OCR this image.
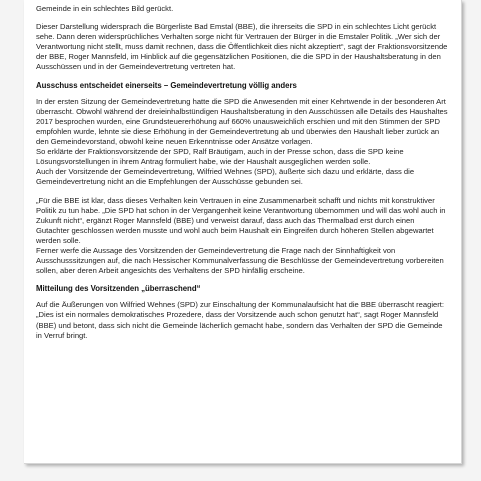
Gemeinde in ein schlechtes Bild gerückt.

Dieser Darstellung widersprach die Bürgerliste Bad Emstal (BBE), die ihrerseits die SPD in ein schlechtes Licht gerückt sehe. Dann deren widersprüchliches Verhalten sorge nicht für Vertrauen der Bürger in die Emstaler Politik. „Wer sich der Verantwortung nicht stellt, muss damit rechnen, dass die Öffentlichkeit dies nicht akzeptiert“, sagt der Fraktionsvorsitzende der BBE, Roger Mannsfeld, im Hinblick auf die gegensätzlichen Positionen, die die SPD in der Haushaltsberatung in den Ausschüssen und in der Gemeindevertretung vertreten hat.

Ausschuss entscheidet einerseits – Gemeindevertretung völlig anders

In der ersten Sitzung der Gemeindevertretung hatte die SPD die Anwesenden mit einer Kehrtwende in der besonderen Art überrascht. Obwohl während der dreieinhalbstündigen Haushaltsberatung in den Ausschüssen alle Details des Haushaltes 2017 besprochen wurden, eine Grundsteuererhöhung auf 660% unausweichlich erschien und mit den Stimmen der SPD empfohlen wurde, lehnte sie diese Erhöhung in der Gemeindevertretung ab und überwies den Haushalt lieber zurück an den Gemeindevorstand, obwohl keine neuen Erkenntnisse oder Ansätze vorlagen.

So erklärte der Fraktionsvorsitzende der SPD, Ralf Bräutigam, auch in der Presse schon, dass die SPD keine Lösungsvorstellungen in ihrem Antrag formuliert habe, wie der Haushalt ausgeglichen werden solle.

Auch der Vorsitzende der Gemeindevertretung, Wilfried Wehnes (SPD), äußerte sich dazu und erklärte, dass die Gemeindevertretung nicht an die Empfehlungen der Ausschüsse gebunden sei.

„Für die BBE ist klar, dass dieses Verhalten kein Vertrauen in eine Zusammenarbeit schafft und nichts mit konstruktiver Politik zu tun habe. „Die SPD hat schon in der Vergangenheit keine Verantwortung übernommen und will das wohl auch in Zukunft nicht“, ergänzt Roger Mannsfeld (BBE) und verweist darauf, dass auch das Thermalbad erst durch einen Gutachter geschlossen werden musste und wohl auch beim Haushalt ein Eingreifen durch höheren Stellen abgewartet werden solle.

Ferner werfe die Aussage des Vorsitzenden der Gemeindevertretung die Frage nach der Sinnhaftigkeit von Ausschusssitzungen auf, die nach Hessischer Kommunalverfassung die Beschlüsse der Gemeindevertretung vorbereiten sollen, aber deren Arbeit angesichts des Verhaltens der SPD hinfällig erscheine.

Mitteilung des Vorsitzenden „überraschend“

Auf die Äußerungen von Wilfried Wehnes (SPD) zur Einschaltung der Kommunalaufsicht hat die BBE überrascht reagiert: „Dies ist ein normales demokratisches Prozedere, dass der Vorsitzende auch schon genutzt hat“, sagt Roger Mannsfeld (BBE) und betont, dass sich nicht die Gemeinde lächerlich gemacht habe, sondern das Verhalten der SPD die Gemeinde in Verruf bringt.
